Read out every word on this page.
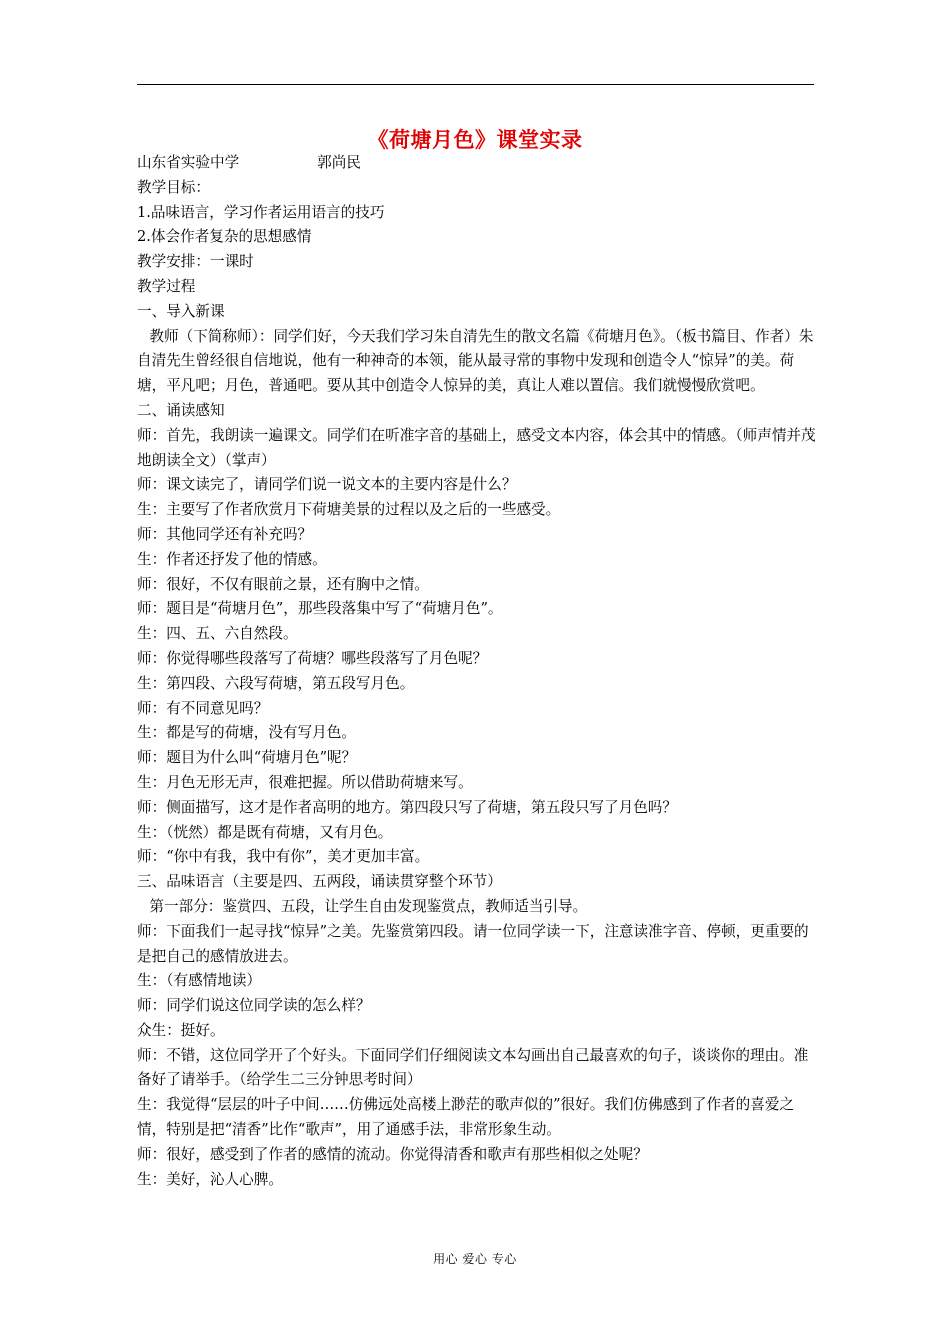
《荷塘月色》课堂实录

山东省实验中学	郭尚民

教学目标：

1.品味语言，学习作者运用语言的技巧

2.体会作者复杂的思想感情

教学安排：一课时

教学过程

一、导入新课

教师（下简称师）：同学们好，今天我们学习朱自清先生的散文名篇《荷塘月色》。（板书篇目、作者）朱自清先生曾经很自信地说，他有一种神奇的本领，能从最寻常的事物中发现和创造令人“惊异”的美。荷塘，平凡吧；月色，普通吧。要从其中创造令人惊异的美，真让人难以置信。我们就慢慢欣赏吧。

二、诵读感知

师：首先，我朗读一遍课文。同学们在听准字音的基础上，感受文本内容，体会其中的情感。（师声情并茂地朗读全文）（掌声）

师：课文读完了，请同学们说一说文本的主要内容是什么？

生：主要写了作者欣赏月下荷塘美景的过程以及之后的一些感受。

师：其他同学还有补充吗？

生：作者还抒发了他的情感。

师：很好，不仅有眼前之景，还有胸中之情。

师：题目是“荷塘月色”，那些段落集中写了“荷塘月色”。

生：四、五、六自然段。

师：你觉得哪些段落写了荷塘？哪些段落写了月色呢？

生：第四段、六段写荷塘，第五段写月色。

师：有不同意见吗？

生：都是写的荷塘，没有写月色。

师：题目为什么叫“荷塘月色”呢？

生：月色无形无声，很难把握。所以借助荷塘来写。

师：侧面描写，这才是作者高明的地方。第四段只写了荷塘，第五段只写了月色吗？

生：（恍然）都是既有荷塘，又有月色。

师：“你中有我，我中有你”，美才更加丰富。

三、品味语言（主要是四、五两段，诵读贯穿整个环节）

第一部分：鉴赏四、五段，让学生自由发现鉴赏点，教师适当引导。

师：下面我们一起寻找“惊异”之美。先鉴赏第四段。请一位同学读一下，注意读准字音、停顿，更重要的是把自己的感情放进去。

生：（有感情地读）

师：同学们说这位同学读的怎么样？

众生：挺好。

师：不错，这位同学开了个好头。下面同学们仔细阅读文本勾画出自己最喜欢的句子，谈谈你的理由。准备好了请举手。（给学生二三分钟思考时间）

生：我觉得“层层的叶子中间……仿佛远处高楼上渺茫的歌声似的”很好。我们仿佛感到了作者的喜爱之情，特别是把“清香”比作“歌声”，用了通感手法，非常形象生动。

师：很好，感受到了作者的感情的流动。你觉得清香和歌声有那些相似之处呢？

生：美好，沁人心脾。

用心 爱心 专心
